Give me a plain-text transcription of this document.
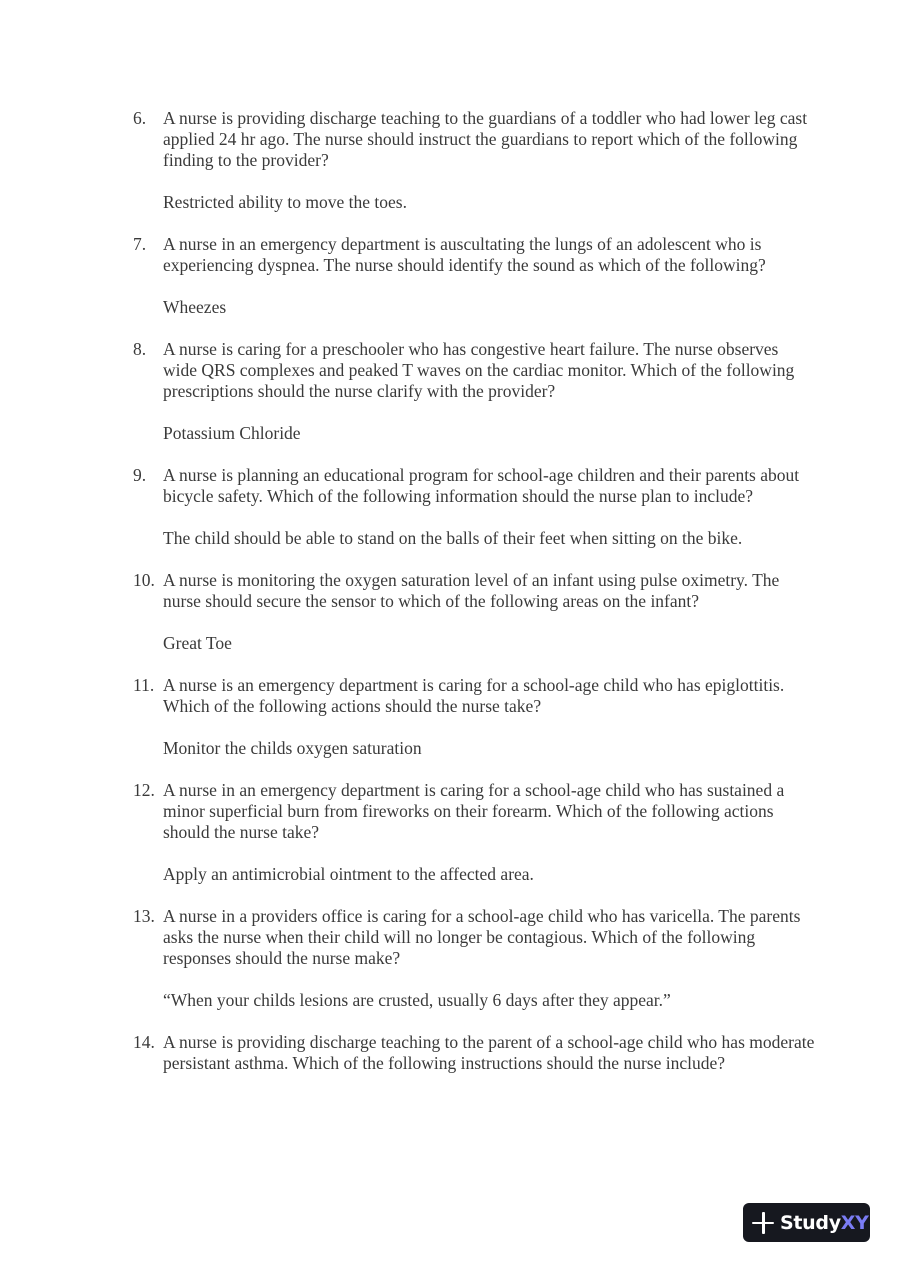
6. A nurse is providing discharge teaching to the guardians of a toddler who had lower leg cast applied 24 hr ago. The nurse should instruct the guardians to report which of the following finding to the provider?
Restricted ability to move the toes.
7. A nurse in an emergency department is auscultating the lungs of an adolescent who is experiencing dyspnea. The nurse should identify the sound as which of the following?
Wheezes
8. A nurse is caring for a preschooler who has congestive heart failure. The nurse observes wide QRS complexes and peaked T waves on the cardiac monitor. Which of the following prescriptions should the nurse clarify with the provider?
Potassium Chloride
9. A nurse is planning an educational program for school-age children and their parents about bicycle safety. Which of the following information should the nurse plan to include?
The child should be able to stand on the balls of their feet when sitting on the bike.
10. A nurse is monitoring the oxygen saturation level of an infant using pulse oximetry. The nurse should secure the sensor to which of the following areas on the infant?
Great Toe
11. A nurse is an emergency department is caring for a school-age child who has epiglottitis. Which of the following actions should the nurse take?
Monitor the childs oxygen saturation
12. A nurse in an emergency department is caring for a school-age child who has sustained a minor superficial burn from fireworks on their forearm. Which of the following actions should the nurse take?
Apply an antimicrobial ointment to the affected area.
13. A nurse in a providers office is caring for a school-age child who has varicella. The parents asks the nurse when their child will no longer be contagious. Which of the following responses should the nurse make?
“When your childs lesions are crusted, usually 6 days after they appear.”
14. A nurse is providing discharge teaching to the parent of a school-age child who has moderate persistant asthma. Which of the following instructions should the nurse include?
StudyXY
